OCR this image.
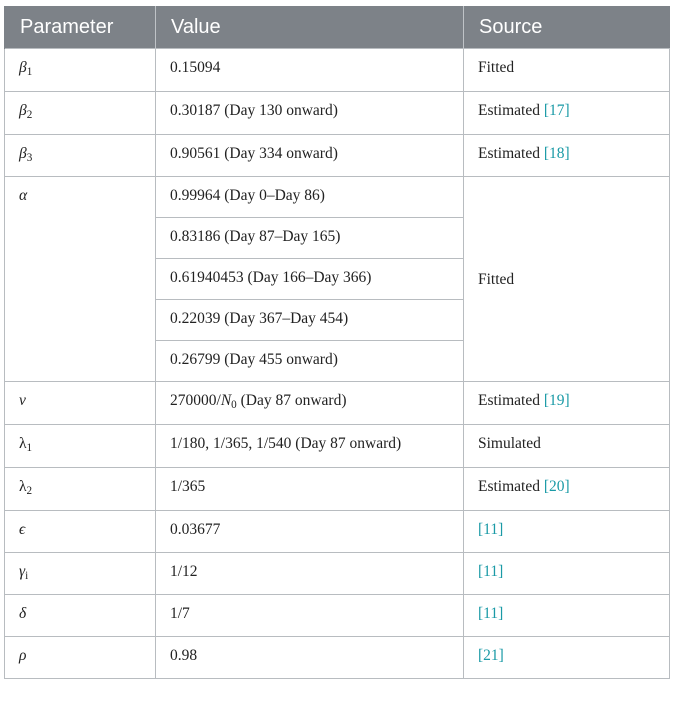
Parameter	Value	Source
$\beta_1$	0.15094	Fitted
$\beta_2$	0.30187 (Day 130 onward)	Estimated [17]
$\beta_3$	0.90561 (Day 334 onward)	Estimated [18]
α	0.99964 (Day 0–Day 86)	Fitted
	0.83186 (Day 87–Day 165)	
	0.61940453 (Day 166–Day 366)	
	0.22039 (Day 367–Day 454)	
	0.26799 (Day 455 onward)	
ν	$270000/N_0$ (Day 87 onward)	Estimated [19]
$\lambda_1$	1/180, 1/365, 1/540 (Day 87 onward)	Simulated
$\lambda_2$	1/365	Estimated [20]
ϵ	0.03677	[11]
$\gamma_i$	1/12	[11]
δ	1/7	[11]
ρ	0.98	[21]
